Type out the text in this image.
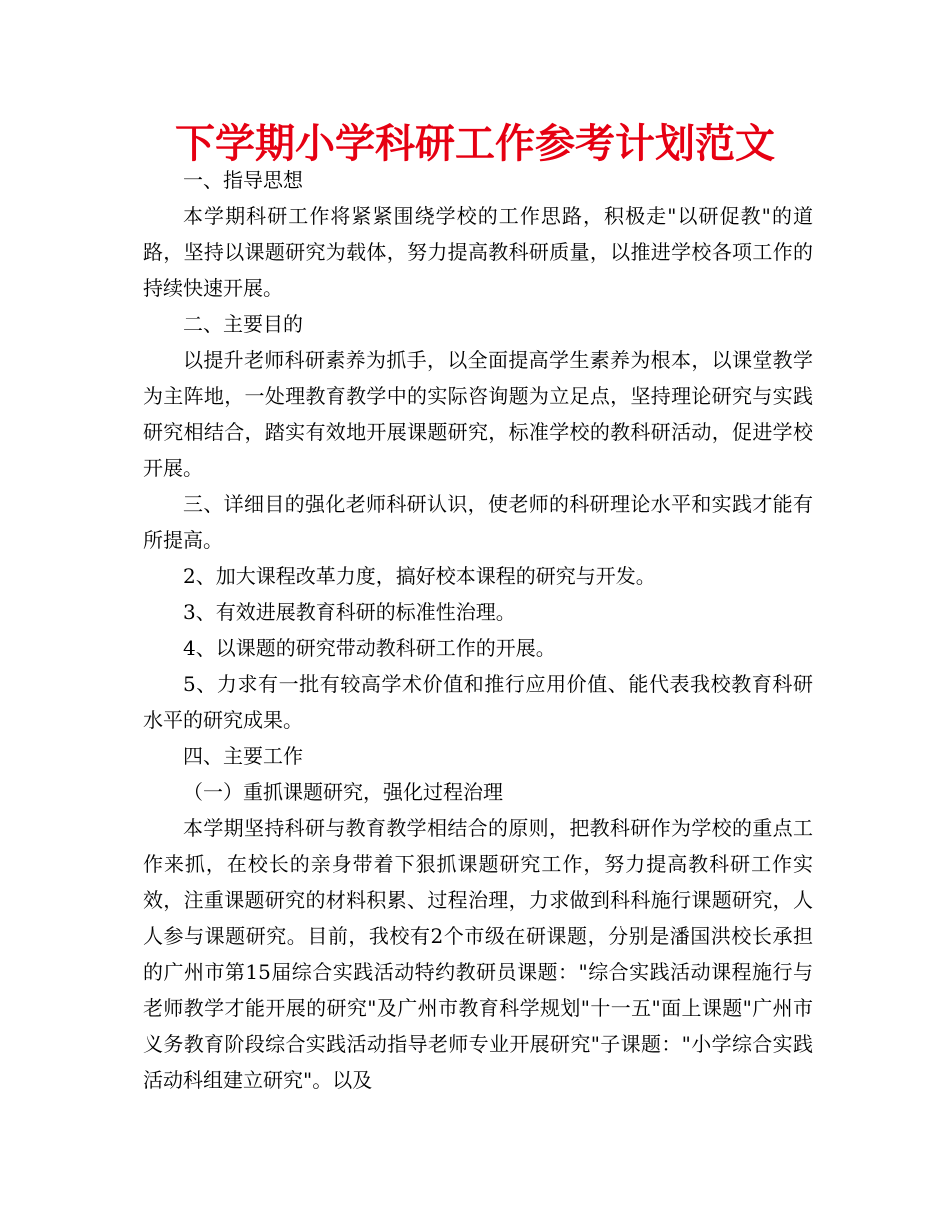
下学期小学科研工作参考计划范文

一、指导思想

本学期科研工作将紧紧围绕学校的工作思路，积极走"以研促教"的道路，坚持以课题研究为载体，努力提高教科研质量，以推进学校各项工作的持续快速开展。

二、主要目的

以提升老师科研素养为抓手，以全面提高学生素养为根本，以课堂教学为主阵地，一处理教育教学中的实际咨询题为立足点，坚持理论研究与实践研究相结合，踏实有效地开展课题研究，标准学校的教科研活动，促进学校开展。

三、详细目的强化老师科研认识，使老师的科研理论水平和实践才能有所提高。

2、加大课程改革力度，搞好校本课程的研究与开发。

3、有效进展教育科研的标准性治理。

4、以课题的研究带动教科研工作的开展。

5、力求有一批有较高学术价值和推行应用价值、能代表我校教育科研水平的研究成果。

四、主要工作

（一）重抓课题研究，强化过程治理

本学期坚持科研与教育教学相结合的原则，把教科研作为学校的重点工作来抓，在校长的亲身带着下狠抓课题研究工作，努力提高教科研工作实效，注重课题研究的材料积累、过程治理，力求做到科科施行课题研究，人人参与课题研究。目前，我校有2个市级在研课题，分别是潘国洪校长承担的广州市第15届综合实践活动特约教研员课题："综合实践活动课程施行与老师教学才能开展的研究"及广州市教育科学规划"十一五"面上课题"广州市义务教育阶段综合实践活动指导老师专业开展研究"子课题："小学综合实践活动科组建立研究"。以及
